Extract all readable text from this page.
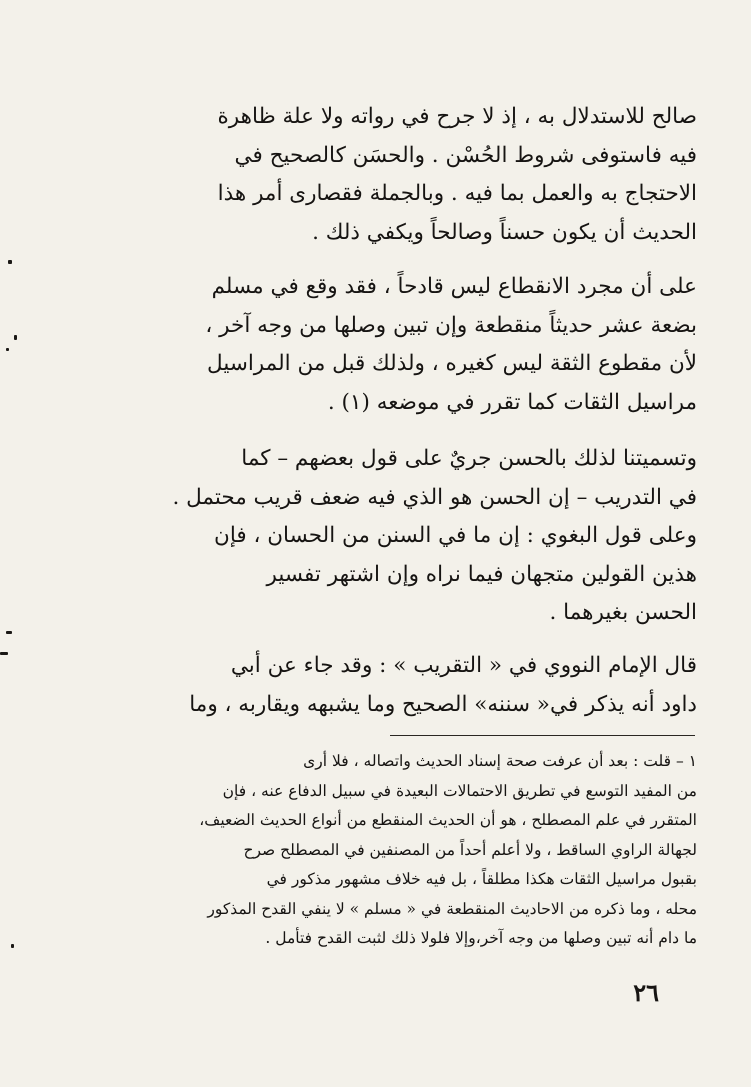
صالح للاستدلال به ، إذ لا جرح في رواته ولا علة ظاهرة
فيه فاستوفى شروط الحُسْن . والحسَن كالصحيح في
الاحتجاج به والعمل بما فيه . وبالجملة فقصارى أمر هذا
الحديث أن يكون حسناً وصالحاً ويكفي ذلك .
على أن مجرد الانقطاع ليس قادحاً ، فقد وقع في مسلم
بضعة عشر حديثاً منقطعة وإن تبين وصلها من وجه آخر ،
لأن مقطوع الثقة ليس كغيره ، ولذلك قبل من المراسيل
مراسيل الثقات كما تقرر في موضعه (١) .
وتسميتنا لذلك بالحسن جريٌ على قول بعضهم – كما
في التدريب – إن الحسن هو الذي فيه ضعف قريب محتمل .
وعلى قول البغوي : إن ما في السنن من الحسان ، فإن
هذين القولين متجهان فيما نراه وإن اشتهر تفسير
الحسن بغيرهما .
قال الإمام النووي في « التقريب » : وقد جاء عن أبي
داود أنه يذكر في« سننه» الصحيح وما يشبهه ويقاربه ، وما
١ – قلت : بعد أن عرفت صحة إسناد الحديث واتصاله ، فلا أرى
من المفيد التوسع في تطريق الاحتمالات البعيدة في سبيل الدفاع عنه ، فإن
المتقرر في علم المصطلح ، هو أن الحديث المنقطع من أنواع الحديث الضعيف،
لجهالة الراوي الساقط ، ولا أعلم أحداً من المصنفين في المصطلح صرح
بقبول مراسيل الثقات هكذا مطلقاً ، بل فيه خلاف مشهور مذكور في
محله ، وما ذكره من الاحاديث المنقطعة في « مسلم » لا ينفي القدح المذكور
ما دام أنه تبين وصلها من وجه آخر،وإلا فلولا ذلك لثبت القدح فتأمل .
٢٦
